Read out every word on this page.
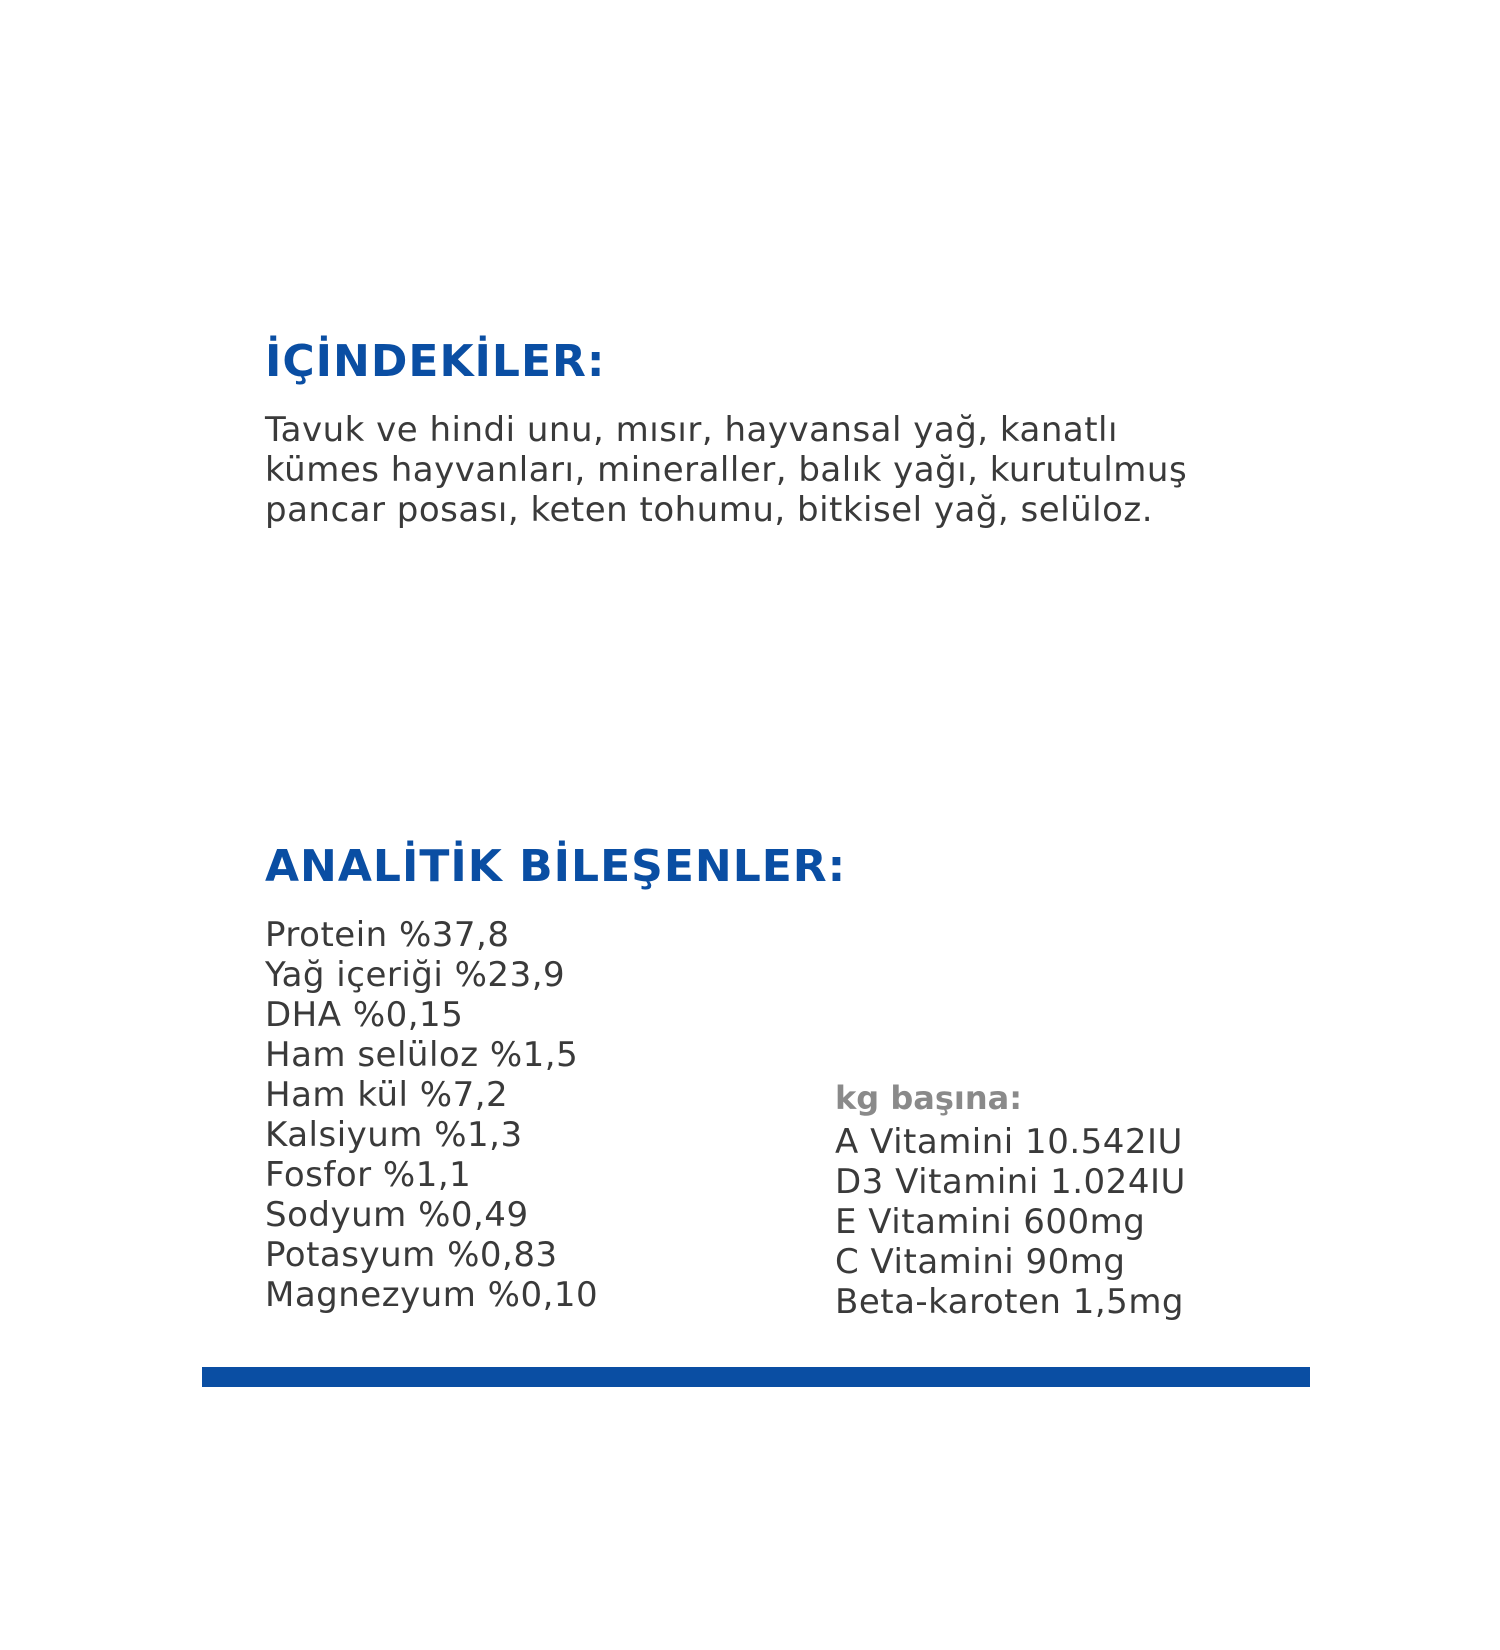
İÇİNDEKİLER:

Tavuk ve hindi unu, mısır, hayvansal yağ, kanatlı
kümes hayvanları, mineraller, balık yağı, kurutulmuş
pancar posası, keten tohumu, bitkisel yağ, selüloz.

ANALİTİK BİLEŞENLER:
Protein %37,8
Yağ içeriği %23,9
DHA %0,15
Ham selüloz %1,5
Ham kül %7,2
Kalsiyum %1,3
Fosfor %1,1
Sodyum %0,49
Potasyum %0,83
Magnezyum %0,10

kg başına:

A Vitamini 10.542IU
D3 Vitamini 1.024IU
E Vitamini 600mg
C Vitamini 90mg
Beta-karoten 1,5mg
